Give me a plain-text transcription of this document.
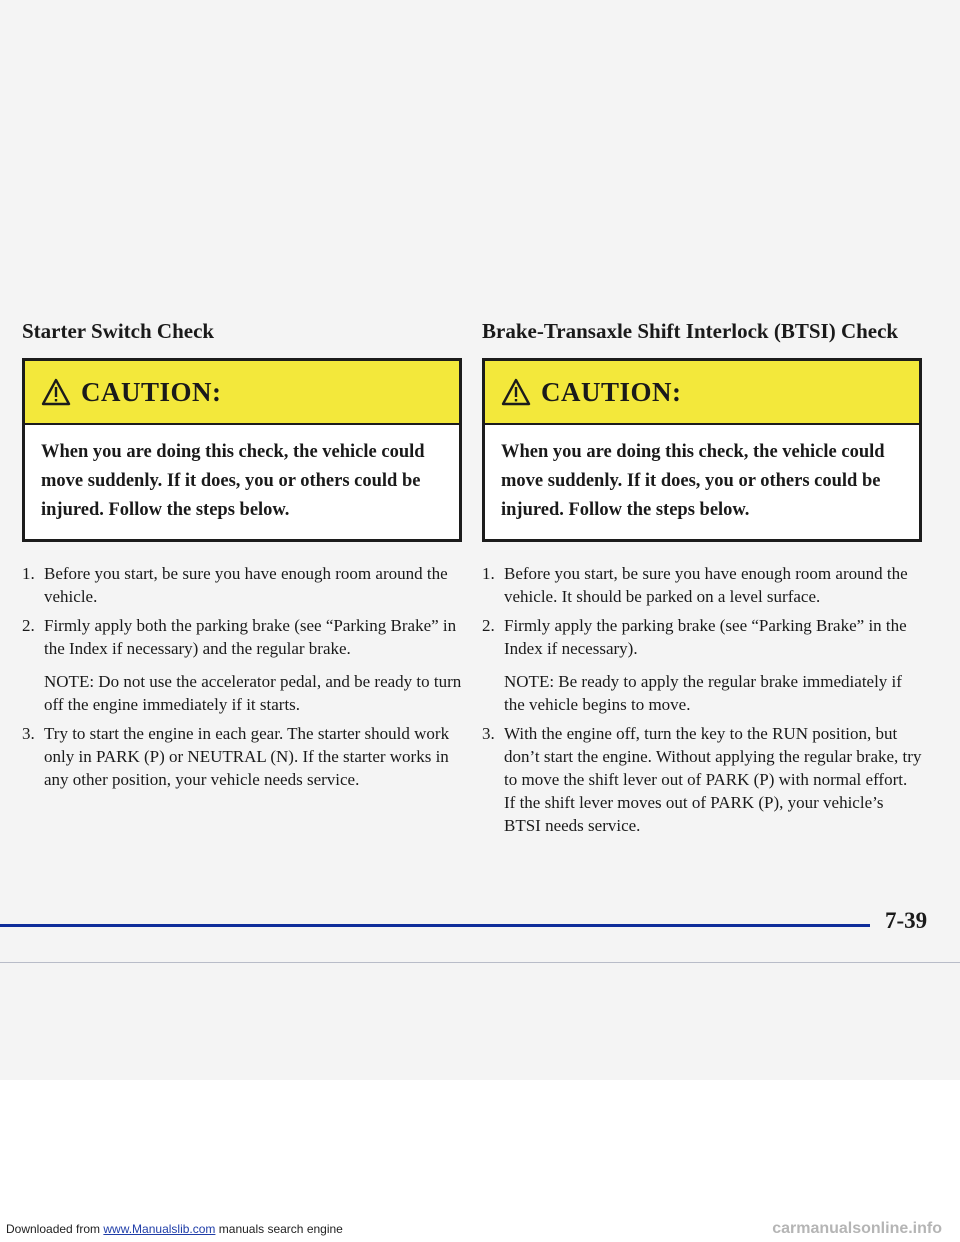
Starter Switch Check
CAUTION:
When you are doing this check, the vehicle could move suddenly. If it does, you or others could be injured. Follow the steps below.
1. Before you start, be sure you have enough room around the vehicle.

2. Firmly apply both the parking brake (see “Parking Brake” in the Index if necessary) and the regular brake.

NOTE: Do not use the accelerator pedal, and be ready to turn off the engine immediately if it starts.

3. Try to start the engine in each gear. The starter should work only in PARK (P) or NEUTRAL (N). If the starter works in any other position, your vehicle needs service.

Brake-Transaxle Shift Interlock (BTSI) Check
CAUTION:
When you are doing this check, the vehicle could move suddenly. If it does, you or others could be injured. Follow the steps below.
1. Before you start, be sure you have enough room around the vehicle. It should be parked on a level surface.

2. Firmly apply the parking brake (see “Parking Brake” in the Index if necessary).

NOTE: Be ready to apply the regular brake immediately if the vehicle begins to move.

3. With the engine off, turn the key to the RUN position, but don’t start the engine. Without applying the regular brake, try to move the shift lever out of PARK (P) with normal effort. If the shift lever moves out of PARK (P), your vehicle’s BTSI needs service.

7-39
Downloaded from www.Manualslib.com manuals search engine	carmanualsonline.info
